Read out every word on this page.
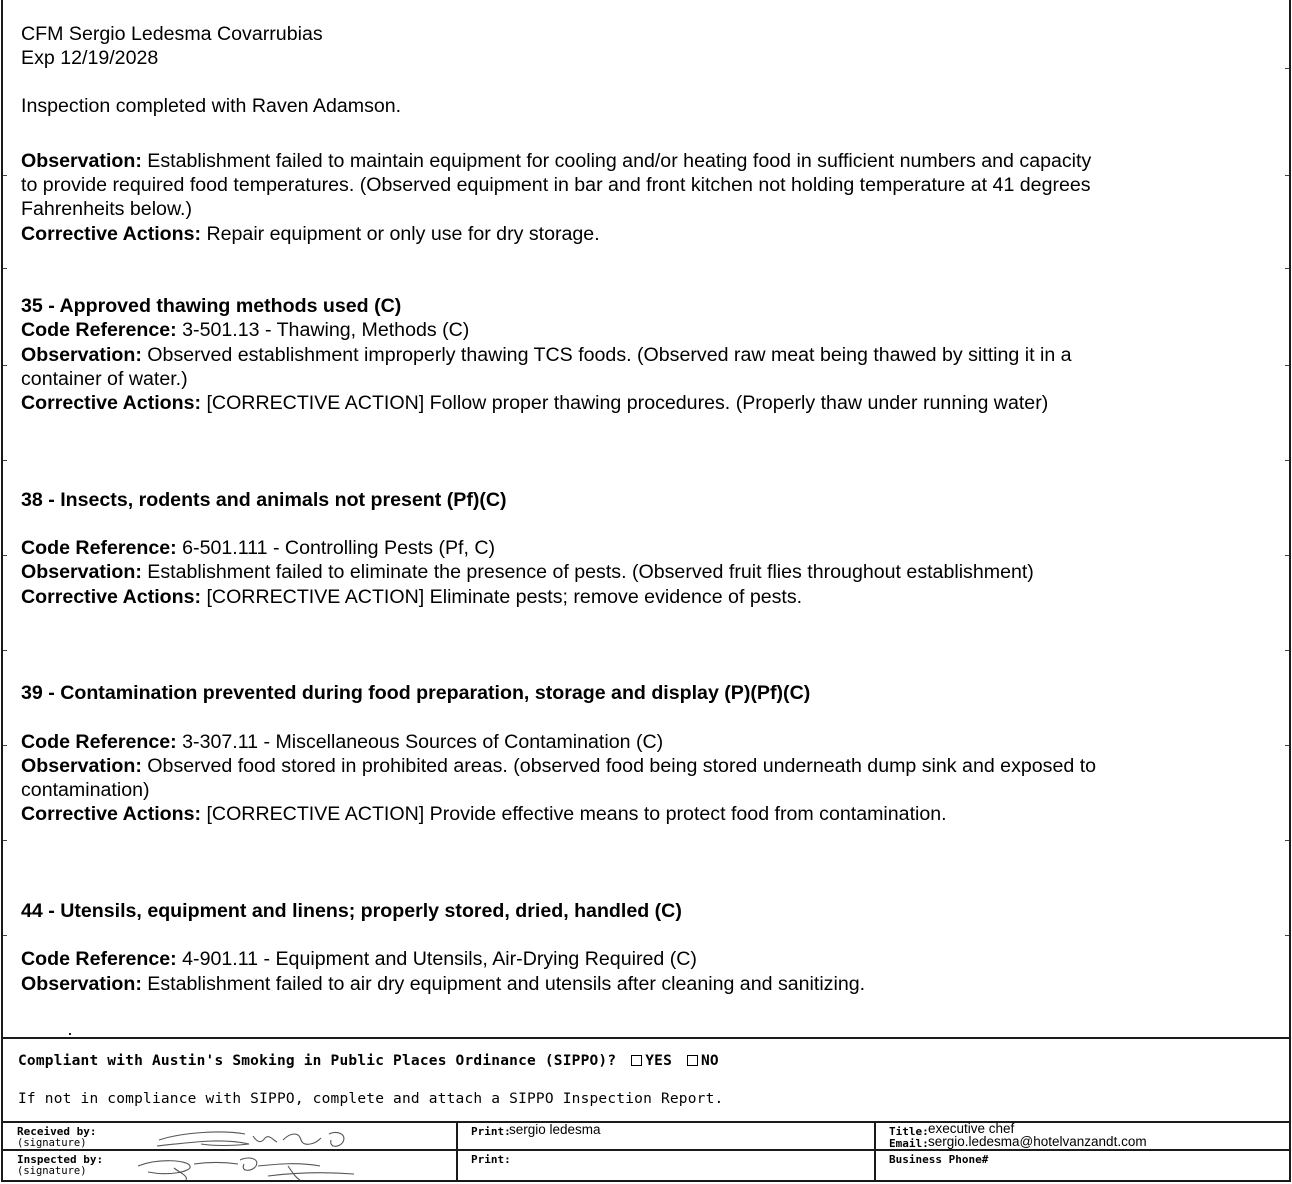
CFM Sergio Ledesma Covarrubias
Exp 12/19/2028
Inspection completed with Raven Adamson.
Observation: Establishment failed to maintain equipment for cooling and/or heating food in sufficient numbers and capacity
to provide required food temperatures. (Observed equipment in bar and front kitchen not holding temperature at 41 degrees
Fahrenheits below.)
Corrective Actions: Repair equipment or only use for dry storage.
35 - Approved thawing methods used (C)
Code Reference: 3-501.13 - Thawing, Methods (C)
Observation: Observed establishment improperly thawing TCS foods. (Observed raw meat being thawed by sitting it in a
container of water.)
Corrective Actions: [CORRECTIVE ACTION] Follow proper thawing procedures. (Properly thaw under running water)
38 - Insects, rodents and animals not present (Pf)(C)
Code Reference: 6-501.111 - Controlling Pests (Pf, C)
Observation: Establishment failed to eliminate the presence of pests. (Observed fruit flies throughout establishment)
Corrective Actions: [CORRECTIVE ACTION] Eliminate pests; remove evidence of pests.
39 - Contamination prevented during food preparation, storage and display (P)(Pf)(C)
Code Reference: 3-307.11 - Miscellaneous Sources of Contamination (C)
Observation: Observed food stored in prohibited areas. (observed food being stored underneath dump sink and exposed to
contamination)
Corrective Actions: [CORRECTIVE ACTION] Provide effective means to protect food from contamination.
44 - Utensils, equipment and linens; properly stored, dried, handled (C)
Code Reference: 4-901.11 - Equipment and Utensils, Air-Drying Required (C)
Observation: Establishment failed to air dry equipment and utensils after cleaning and sanitizing.
Compliant with Austin's Smoking in Public Places Ordinance (SIPPO)? YES NO
If not in compliance with SIPPO, complete and attach a SIPPO Inspection Report.
Received by:
(signature)
Print:
sergio ledesma	Title: executive chef
Email: sergio.ledesma@hotelvanzandt.com
Inspected by:
(signature)
Print:	Business Phone#
